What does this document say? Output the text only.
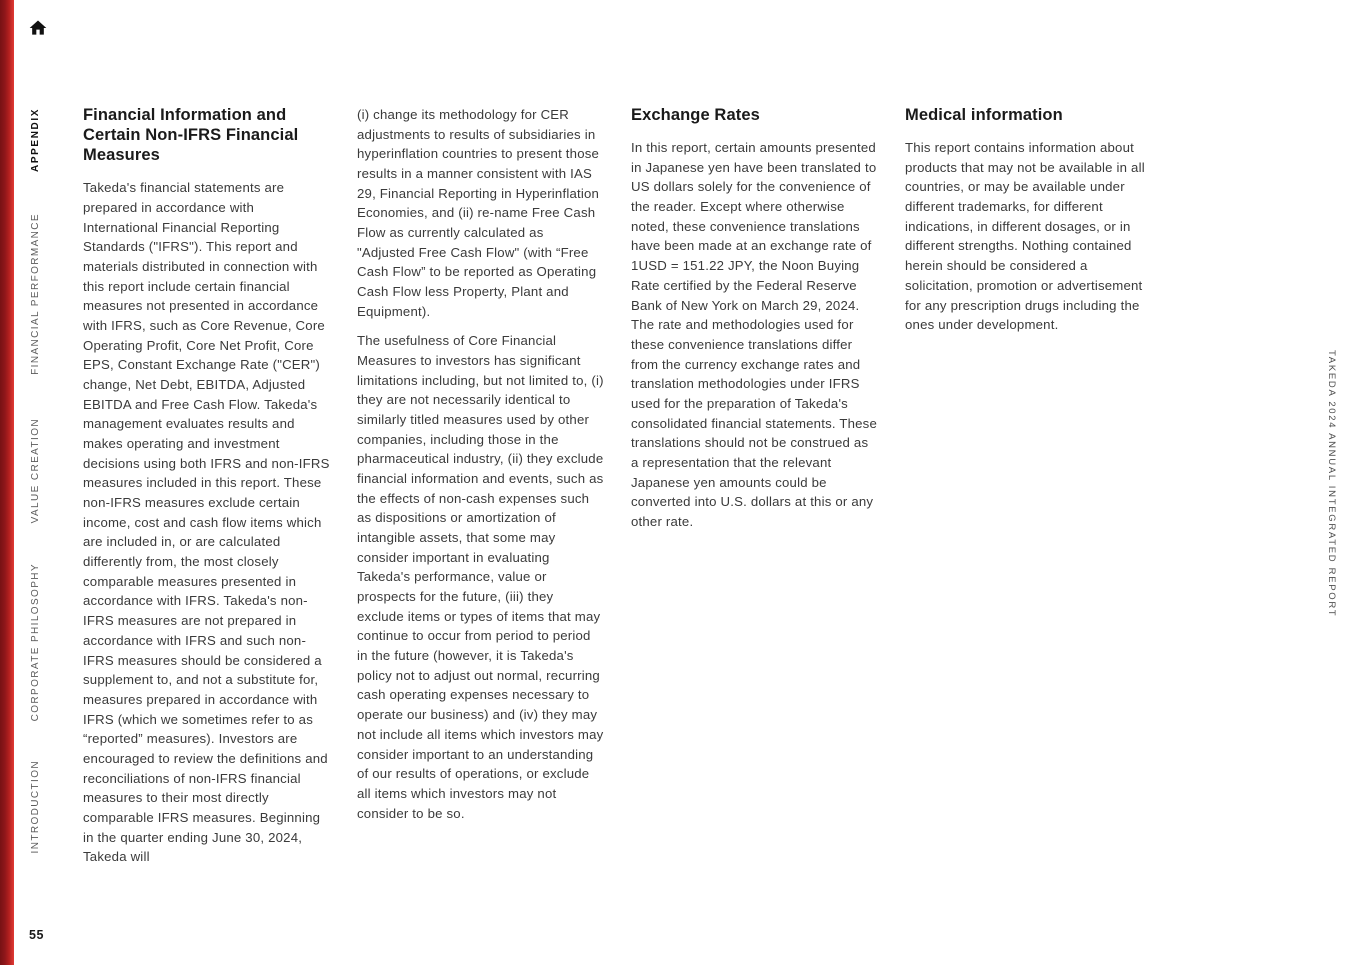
APPENDIX
FINANCIAL PERFORMANCE
VALUE CREATION
CORPORATE PHILOSOPHY
INTRODUCTION
55
Financial Information and Certain Non-IFRS Financial Measures

Takeda's financial statements are prepared in accordance with International Financial Reporting Standards ("IFRS"). This report and materials distributed in connection with this report include certain financial measures not presented in accordance with IFRS, such as Core Revenue, Core Operating Profit, Core Net Profit, Core EPS, Constant Exchange Rate ("CER") change, Net Debt, EBITDA, Adjusted EBITDA and Free Cash Flow. Takeda's management evaluates results and makes operating and investment decisions using both IFRS and non-IFRS measures included in this report. These non-IFRS measures exclude certain income, cost and cash flow items which are included in, or are calculated differently from, the most closely comparable measures presented in accordance with IFRS. Takeda's non-IFRS measures are not prepared in accordance with IFRS and such non-IFRS measures should be considered a supplement to, and not a substitute for, measures prepared in accordance with IFRS (which we sometimes refer to as “reported” measures). Investors are encouraged to review the definitions and reconciliations of non-IFRS financial measures to their most directly comparable IFRS measures. Beginning in the quarter ending June 30, 2024, Takeda will

(i) change its methodology for CER adjustments to results of subsidiaries in hyperinflation countries to present those results in a manner consistent with IAS 29, Financial Reporting in Hyperinflation Economies, and (ii) re-name Free Cash Flow as currently calculated as "Adjusted Free Cash Flow" (with “Free Cash Flow” to be reported as Operating Cash Flow less Property, Plant and Equipment).

The usefulness of Core Financial Measures to investors has significant limitations including, but not limited to, (i) they are not necessarily identical to similarly titled measures used by other companies, including those in the pharmaceutical industry, (ii) they exclude financial information and events, such as the effects of non-cash expenses such as dispositions or amortization of intangible assets, that some may consider important in evaluating Takeda's performance, value or prospects for the future, (iii) they exclude items or types of items that may continue to occur from period to period in the future (however, it is Takeda's policy not to adjust out normal, recurring cash operating expenses necessary to operate our business) and (iv) they may not include all items which investors may consider important to an understanding of our results of operations, or exclude all items which investors may not consider to be so.

Exchange Rates

In this report, certain amounts presented in Japanese yen have been translated to US dollars solely for the convenience of the reader. Except where otherwise noted, these convenience translations have been made at an exchange rate of 1USD = 151.22 JPY, the Noon Buying Rate certified by the Federal Reserve Bank of New York on March 29, 2024. The rate and methodologies used for these convenience translations differ from the currency exchange rates and translation methodologies under IFRS used for the preparation of Takeda's consolidated financial statements. These translations should not be construed as a representation that the relevant Japanese yen amounts could be converted into U.S. dollars at this or any other rate.

Medical information

This report contains information about products that may not be available in all countries, or may be available under different trademarks, for different indications, in different dosages, or in different strengths. Nothing contained herein should be considered a solicitation, promotion or advertisement for any prescription drugs including the ones under development.

TAKEDA 2024 ANNUAL INTEGRATED REPORT
